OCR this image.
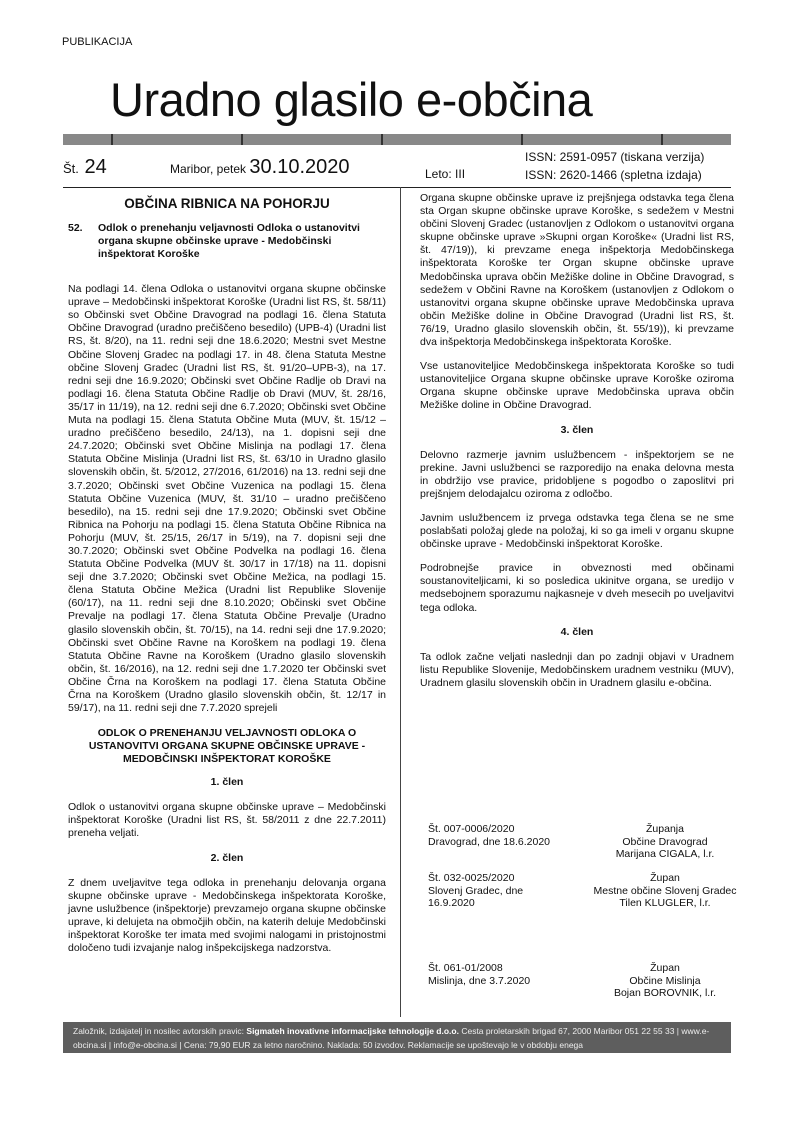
PUBLIKACIJA
Uradno glasilo e-občina
Št. 24	Maribor, petek 30.10.2020	Leto: III
ISSN: 2591-0957 (tiskana verzija)
ISSN: 2620-1466 (spletna izdaja)
OBČINA RIBNICA NA POHORJU
52.	Odlok o prenehanju veljavnosti Odloka o ustanovitvi organa skupne občinske uprave - Medobčinski inšpektorat Koroške

Na podlagi 14. člena Odloka o ustanovitvi organa skupne občinske uprave – Medobčinski inšpektorat Koroške (Uradni list RS, št. 58/11) so Občinski svet Občine Dravograd na podlagi 16. člena Statuta Občine Dravograd (uradno prečiščeno besedilo) (UPB-4) (Uradni list RS, št. 8/20), na 11. redni seji dne 18.6.2020; Mestni svet Mestne Občine Slovenj Gradec na podlagi 17. in 48. člena Statuta Mestne občine Slovenj Gradec (Uradni list RS, št. 91/20–UPB-3), na 17. redni seji dne 16.9.2020; Občinski svet Občine Radlje ob Dravi na podlagi 16. člena Statuta Občine Radlje ob Dravi (MUV, št. 28/16, 35/17 in 11/19), na 12. redni seji dne 6.7.2020; Občinski svet Občine Muta na podlagi 15. člena Statuta Občine Muta (MUV, št. 15/12 – uradno prečiščeno besedilo, 24/13), na 1. dopisni seji dne 24.7.2020; Občinski svet Občine Mislinja na podlagi 17. člena Statuta Občine Mislinja (Uradni list RS, št. 63/10 in Uradno glasilo slovenskih občin, št. 5/2012, 27/2016, 61/2016) na 13. redni seji dne 3.7.2020; Občinski svet Občine Vuzenica na podlagi 15. člena Statuta Občine Vuzenica (MUV, št. 31/10 – uradno prečiščeno besedilo), na 15. redni seji dne 17.9.2020; Občinski svet Občine Ribnica na Pohorju na podlagi 15. člena Statuta Občine Ribnica na Pohorju (MUV, št. 25/15, 26/17 in 5/19), na 7. dopisni seji dne 30.7.2020; Občinski svet Občine Podvelka na podlagi 16. člena Statuta Občine Podvelka (MUV št. 30/17 in 17/18) na 11. dopisni seji dne 3.7.2020; Občinski svet Občine Mežica, na podlagi 15. člena Statuta Občine Mežica (Uradni list Republike Slovenije (60/17), na 11. redni seji dne 8.10.2020; Občinski svet Občine Prevalje na podlagi 17. člena Statuta Občine Prevalje (Uradno glasilo slovenskih občin, št. 70/15), na 14. redni seji dne 17.9.2020; Občinski svet Občine Ravne na Koroškem na podlagi 19. člena Statuta Občine Ravne na Koroškem (Uradno glasilo slovenskih občin, št. 16/2016), na 12. redni seji dne 1.7.2020 ter Občinski svet Občine Črna na Koroškem na podlagi 17. člena Statuta Občine Črna na Koroškem (Uradno glasilo slovenskih občin, št. 12/17 in 59/17), na 11. redni seji dne 7.7.2020 sprejeli

ODLOK O PRENEHANJU VELJAVNOSTI ODLOKA O USTANOVITVI ORGANA SKUPNE OBČINSKE UPRAVE - MEDOBČINSKI INŠPEKTORAT KOROŠKE
1. člen

Odlok o ustanovitvi organa skupne občinske uprave – Medobčinski inšpektorat Koroške (Uradni list RS, št. 58/2011 z dne 22.7.2011) preneha veljati.

2. člen

Z dnem uveljavitve tega odloka in prenehanju delovanja organa skupne občinske uprave - Medobčinskega inšpektorata Koroške, javne uslužbence (inšpektorje) prevzamejo organa skupne občinske uprave, ki delujeta na območjih občin, na katerih deluje Medobčinski inšpektorat Koroške ter imata med svojimi nalogami in pristojnostmi določeno tudi izvajanje nalog inšpekcijskega nadzorstva.

Organa skupne občinske uprave iz prejšnjega odstavka tega člena sta Organ skupne občinske uprave Koroške, s sedežem v Mestni občini Slovenj Gradec (ustanovljen z Odlokom o ustanovitvi organa skupne občinske uprave »Skupni organ Koroške« (Uradni list RS, št. 47/19)), ki prevzame enega inšpektorja Medobčinskega inšpektorata Koroške ter Organ skupne občinske uprave Medobčinska uprava občin Mežiške doline in Občine Dravograd, s sedežem v Občini Ravne na Koroškem (ustanovljen z Odlokom o ustanovitvi organa skupne občinske uprave Medobčinska uprava občin Mežiške doline in Občine Dravograd (Uradni list RS, št. 76/19, Uradno glasilo slovenskih občin, št. 55/19)), ki prevzame dva inšpektorja Medobčinskega inšpektorata Koroške.

Vse ustanoviteljice Medobčinskega inšpektorata Koroške so tudi ustanoviteljice Organa skupne občinske uprave Koroške oziroma Organa skupne občinske uprave Medobčinska uprava občin Mežiške doline in Občine Dravograd.

3. člen

Delovno razmerje javnim uslužbencem - inšpektorjem se ne prekine. Javni uslužbenci se razporedijo na enaka delovna mesta in obdržijo vse pravice, pridobljene s pogodbo o zaposlitvi pri prejšnjem delodajalcu oziroma z odločbo.

Javnim uslužbencem iz prvega odstavka tega člena se ne sme poslabšati položaj glede na položaj, ki so ga imeli v organu skupne občinske uprave - Medobčinski inšpektorat Koroške.

Podrobnejše pravice in obveznosti med občinami soustanoviteljicami, ki so posledica ukinitve organa, se uredijo v medsebojnem sporazumu najkasneje v dveh mesecih po uveljavitvi tega odloka.

4. člen

Ta odlok začne veljati naslednji dan po zadnji objavi v Uradnem listu Republike Slovenije, Medobčinskem uradnem vestniku (MUV), Uradnem glasilu slovenskih občin in Uradnem glasilu e-občina.

Št. 007-0006/2020
Dravograd, dne 18.6.2020
Županja
Občine Dravograd
Marijana CIGALA, l.r.
Št. 032-0025/2020
Slovenj Gradec, dne 16.9.2020
Župan
Mestne občine Slovenj Gradec
Tilen KLUGLER, l.r.
Št. 061-01/2008
Mislinja, dne 3.7.2020
Župan
Občine Mislinja
Bojan BOROVNIK, l.r.
Založnik, izdajatelj in nosilec avtorskih pravic: Sigmateh inovativne informacijske tehnologije d.o.o. Cesta proletarskih brigad 67, 2000 Maribor 051 22 55 33 | www.e-obcina.si | info@e-obcina.si | Cena: 79,90 EUR za letno naročnino. Naklada: 50 izvodov. Reklamacije se upoštevajo le v obdobju enega
